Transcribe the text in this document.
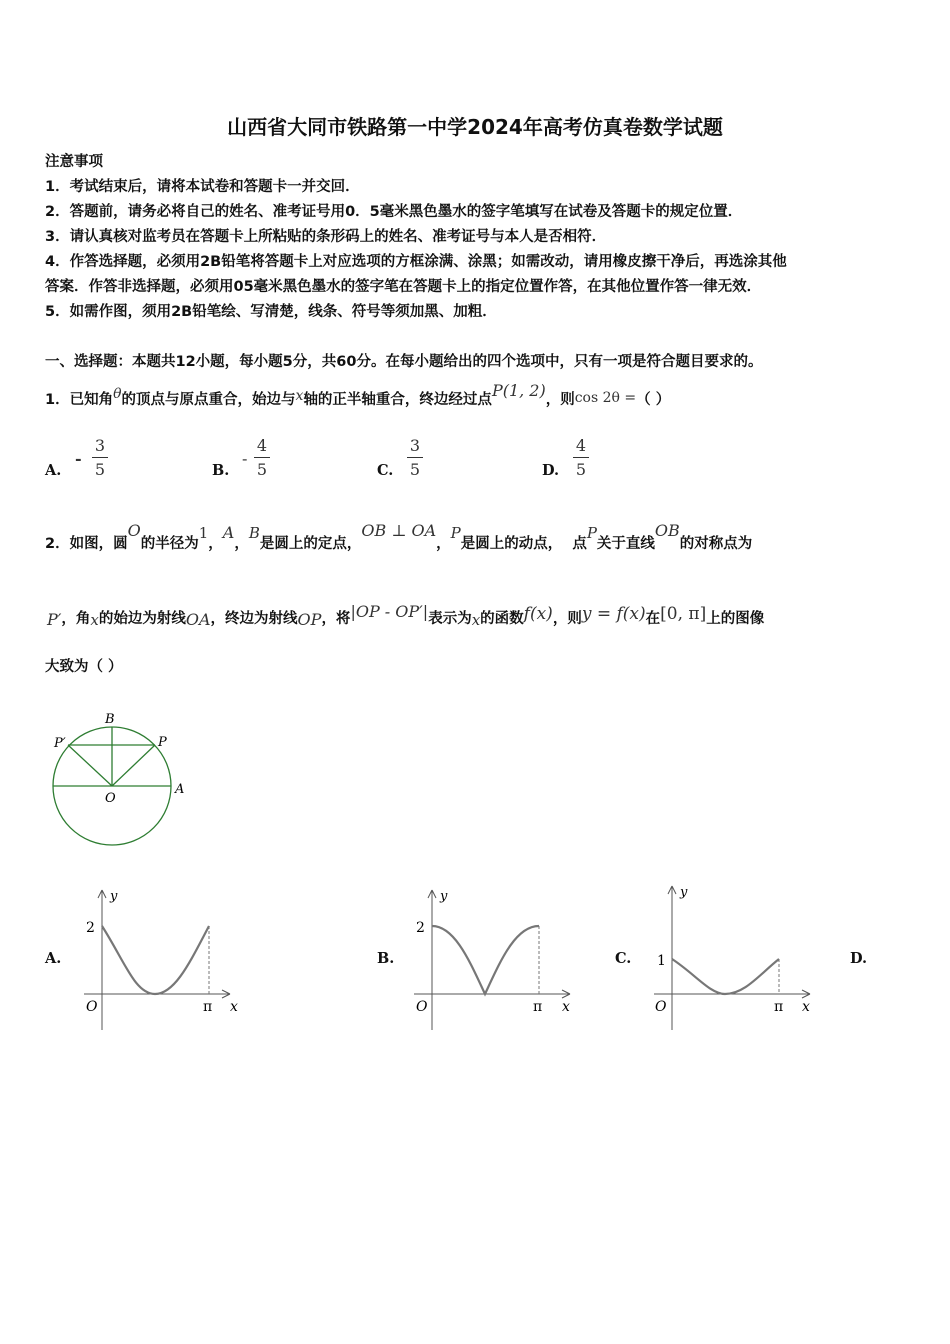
山西省大同市铁路第一中学2024年高考仿真卷数学试题
注意事项
1．考试结束后，请将本试卷和答题卡一并交回．
2．答题前，请务必将自己的姓名、准考证号用0．5毫米黑色墨水的签字笔填写在试卷及答题卡的规定位置．
3．请认真核对监考员在答题卡上所粘贴的条形码上的姓名、准考证号与本人是否相符．
4．作答选择题，必须用2B铅笔将答题卡上对应选项的方框涂满、涂黑；如需改动，请用橡皮擦干净后，再选涂其他
答案．作答非选择题，必须用05毫米黑色墨水的签字笔在答题卡上的指定位置作答，在其他位置作答一律无效．
5．如需作图，须用2B铅笔绘、写清楚，线条、符号等须加黑、加粗．
一、选择题：本题共12小题，每小题5分，共60分。在每小题给出的四个选项中，只有一项是符合题目要求的。
1．已知角θ的顶点与原点重合，始边与x轴的正半轴重合，终边经过点P(1, 2)，则cos 2θ =（ ）
A.
-
3
5	B.
-
4
5	C.
3
5	D.
4
5
2．如图，圆O的半径为1，A，B是圆上的定点，OB ⊥ OA，P是圆上的动点， 点P关于直线OB的对称点为
P′，角x的始边为射线OA，终边为射线OP，将|OP - OP′|表示为x的函数f(x)，则y = f(x)在[0, π]上的图像
大致为（ ）
B
P′	P
O
A
A.	B.	C.	D.
y
2
O	π x
y
2
O	π x
y
1
O	π x
